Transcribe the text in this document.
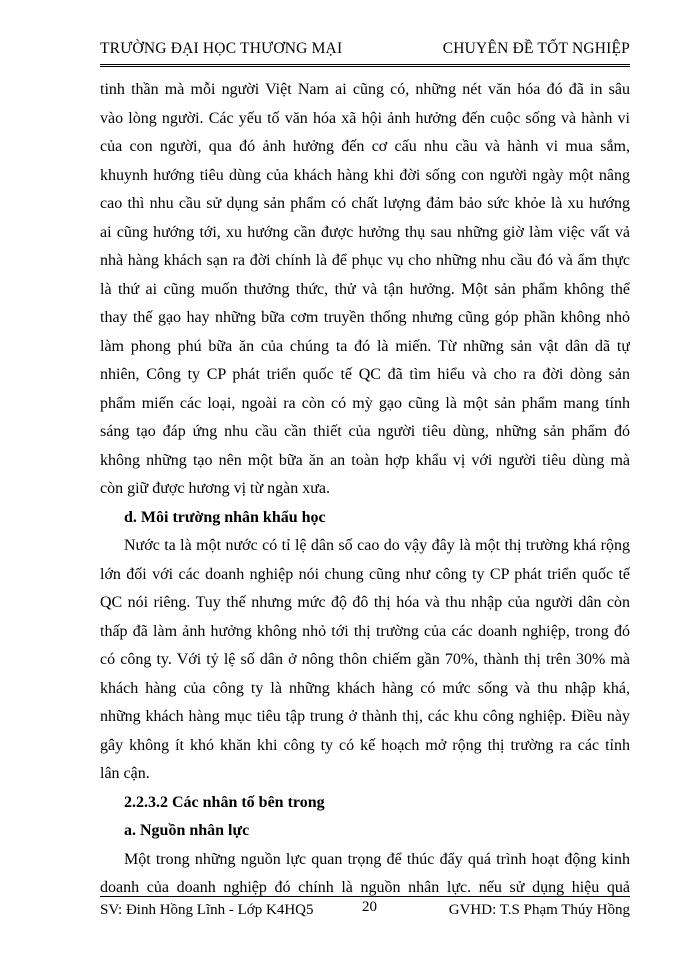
TRƯỜNG ĐẠI HỌC THƯƠNG MẠI	CHUYÊN ĐỀ TỐT NGHIỆP
tinh thần mà mỗi người Việt Nam ai cũng có, những nét văn hóa đó đã in sâu
vào lòng người. Các yếu tố văn hóa xã hội ảnh hưởng đến cuộc sống và hành vi
của con người, qua đó ảnh hưởng đến cơ cấu nhu cầu và hành vi mua sắm,
khuynh hướng tiêu dùng của khách hàng khi đời sống con người ngày một nâng
cao thì nhu cầu sử dụng sản phẩm có chất lượng đảm bảo sức khỏe là xu hướng
ai cũng hướng tới, xu hướng cần được hưởng thụ sau những giờ làm việc vất vả
nhà hàng khách sạn ra đời chính là để phục vụ cho những nhu cầu đó và ẩm thực
là thứ ai cũng muốn thưởng thức, thử và tận hưởng. Một sản phẩm không thể
thay thế gạo hay những bữa cơm truyền thống nhưng cũng góp phần không nhỏ
làm phong phú bữa ăn của chúng ta đó là miến. Từ những sản vật dân dã tự
nhiên, Công ty CP phát triển quốc tế QC đã tìm hiểu và cho ra đời dòng sản
phẩm miến các loại, ngoài ra còn có mỳ gạo cũng là một sản phẩm mang tính
sáng tạo đáp ứng nhu cầu cần thiết của người tiêu dùng, những sản phẩm đó
không những tạo nên một bữa ăn an toàn hợp khẩu vị với người tiêu dùng mà
còn giữ được hương vị từ ngàn xưa.
d. Môi trường nhân khẩu học
Nước ta là một nước có tỉ lệ dân số cao do vậy đây là một thị trường khá rộng
lớn đối với các doanh nghiệp nói chung cũng như công ty CP phát triển quốc tế
QC nói riêng. Tuy thế nhưng mức độ đô thị hóa và thu nhập của người dân còn
thấp đã làm ảnh hưởng không nhỏ tới thị trường của các doanh nghiệp, trong đó
có công ty. Với tỷ lệ số dân ở nông thôn chiếm gần 70%, thành thị trên 30% mà
khách hàng của công ty là những khách hàng có mức sống và thu nhập khá,
những khách hàng mục tiêu tập trung ở thành thị, các khu công nghiệp. Điều này
gây không ít khó khăn khi công ty có kế hoạch mở rộng thị trường ra các tỉnh
lân cận.
2.2.3.2 Các nhân tố bên trong
a. Nguồn nhân lực
Một trong những nguồn lực quan trọng để thúc đẩy quá trình hoạt động kinh
doanh của doanh nghiệp đó chính là nguồn nhân lực. nếu sử dụng hiệu quả
SV: Đinh Hồng Lĩnh - Lớp K4HQ5	20	GVHD: T.S Phạm Thúy Hồng
